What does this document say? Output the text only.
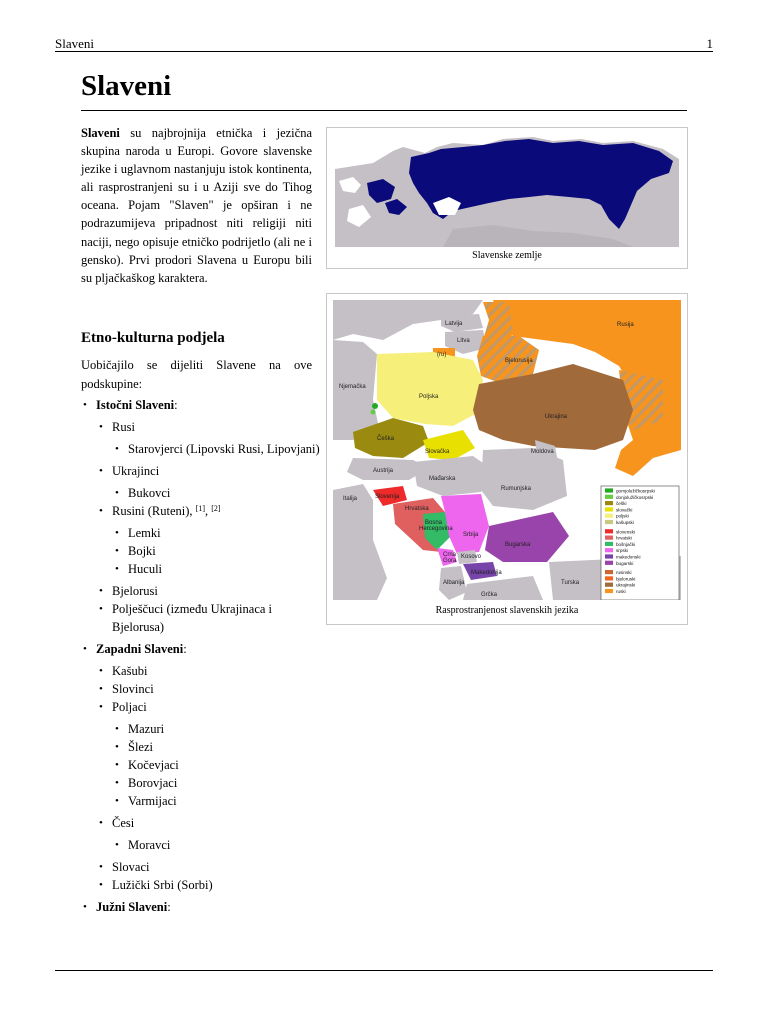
Slaveni	1
Slaveni
Slaveni su najbrojnija etnička i jezična skupina naroda u Europi. Govore slavenske jezike i uglavnom nastanjuju istok kontinenta, ali rasprostranjeni su i u Aziji sve do Tihog oceana. Pojam "Slaven" je opširan i ne podrazumijeva pripadnost niti religiji niti naciji, nego opisuje etničko podrijetlo (ali ne i gensko). Prvi prodori Slavena u Europu bili su pljačkaškog karaktera.
Etno-kulturna podjela
Uobičajilo se dijeliti Slavene na ove podskupine:
• Istočni Slaveni:
• Rusi
• Starovjerci (Lipovski Rusi, Lipovjani)
• Ukrajinci
• Bukovci
• Rusini (Ruteni), [1], [2]
• Lemki
• Bojki
• Huculi
• Bjelorusi
• Polješčuci (između Ukrajinaca i Bjelorusa)
• Zapadni Slaveni:
• Kašubi
• Slovinci
• Poljaci
• Mazuri
• Šlezi
• Kočevjaci
• Borovjaci
• Varmijaci
• Česi
• Moravci
• Slovaci
• Lužički Srbi (Sorbi)
• Južni Slaveni:
Slavenske zemlje
Latvija
Litva
(ru)
Rusija
Bjelorusija
Njemačka
Poljska
Ukrajina
Češka
Slovačka	Moldova
Austrija
Mađarska
Rumunjska
Italija	Slovenija
Hrvatska
Bosna
Hercegovina
Srbija
Crna
Gora
Kosovo
Bugarska
Makedonija
Albanija	Turska
Grčka
gornjolužičkosrpski
donjolužičkosrpski
češki
slovački
poljski
kašupski
slovenski
hrvatski
bošnjački
srpski
makedonski
bugarski
rusinski
bjeloruski
ukrajinski
ruski
Rasprostranjenost slavenskih jezika
